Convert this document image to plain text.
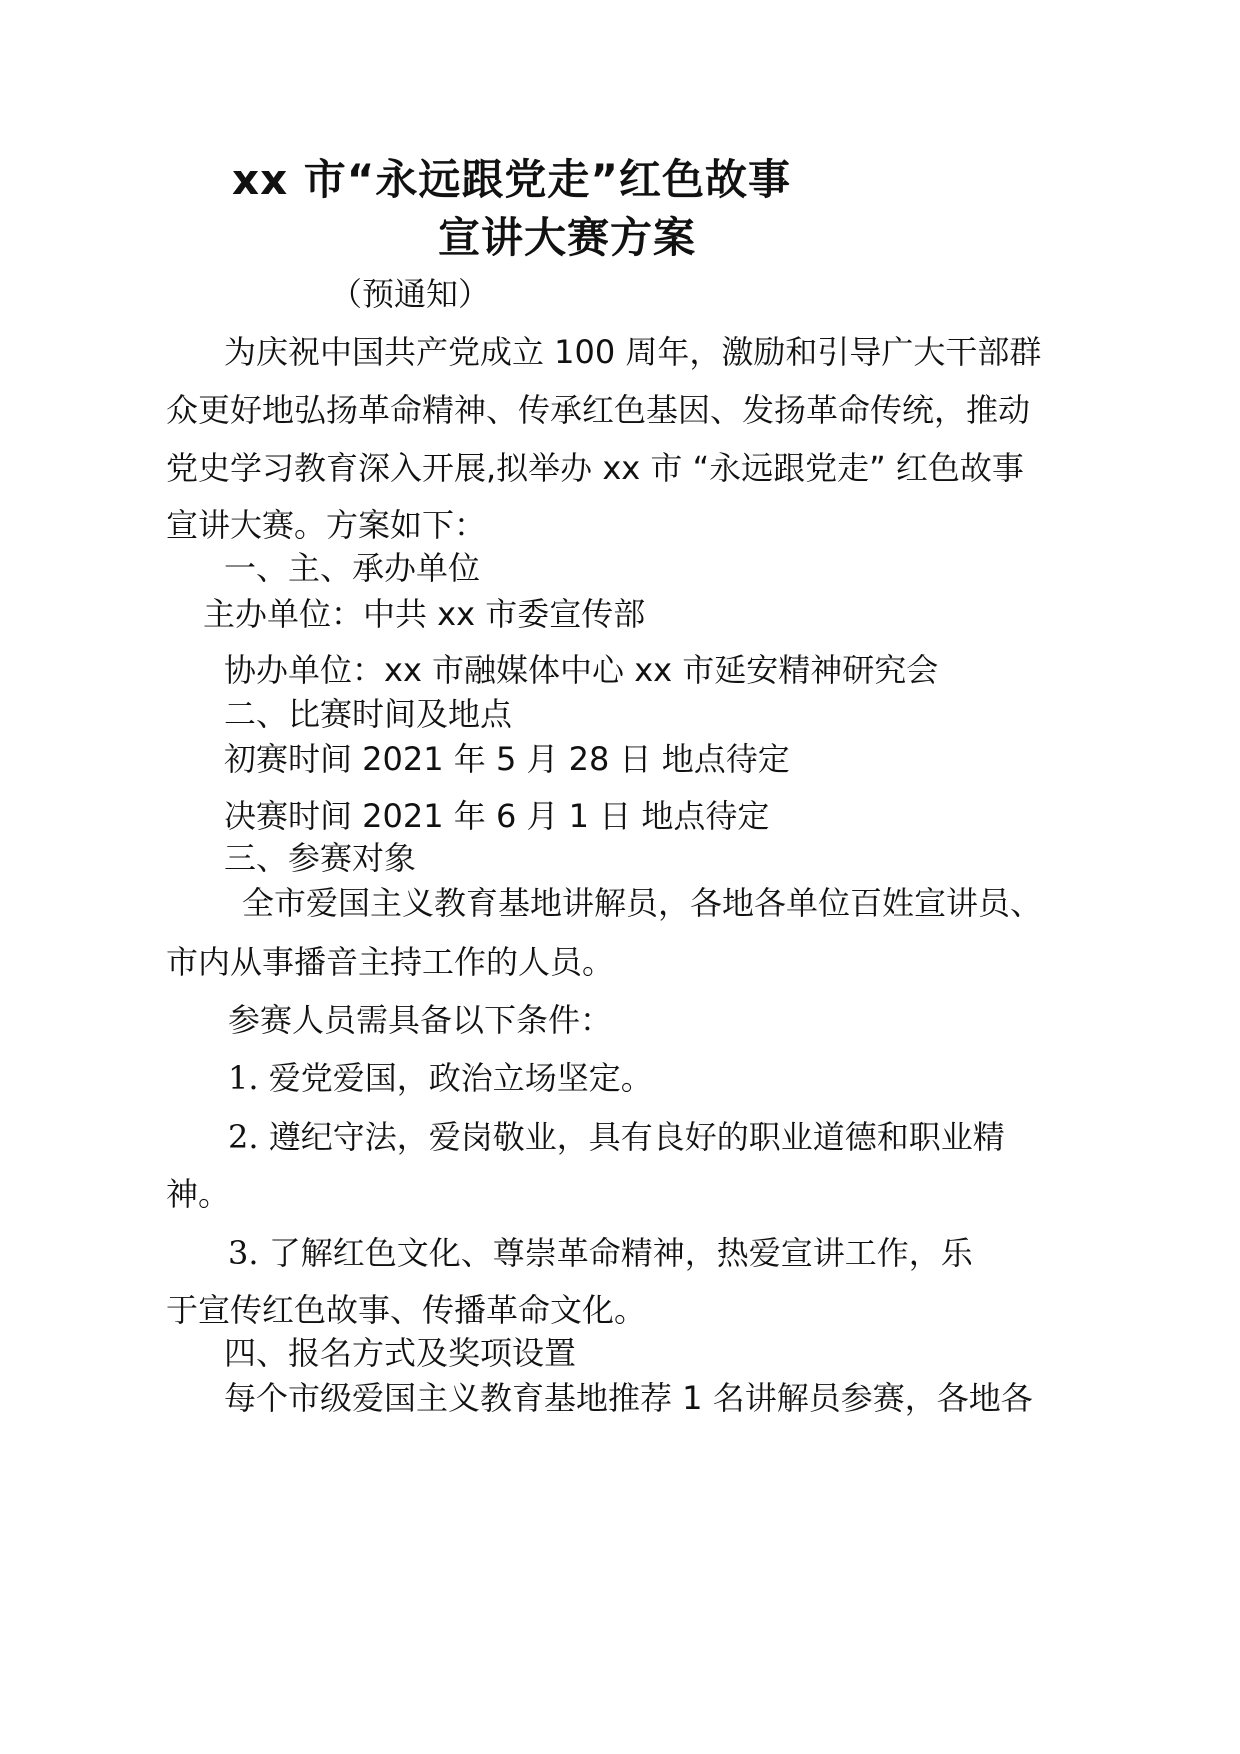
xx 市“永远跟党走”红色故事
宣讲大赛方案
（预通知）
为庆祝中国共产党成立 100 周年，激励和引导广大干部群
众更好地弘扬革命精神、传承红色基因、发扬革命传统，推动
党史学习教育深入开展,拟举办 xx 市 “永远跟党走” 红色故事
宣讲大赛。方案如下：
一、主、承办单位
主办单位：中共 xx 市委宣传部
协办单位：xx 市融媒体中心 xx 市延安精神研究会
二、比赛时间及地点
初赛时间 2021 年 5 月 28 日 地点待定
决赛时间 2021 年 6 月 1 日 地点待定
三、参赛对象
全市爱国主义教育基地讲解员，各地各单位百姓宣讲员、
市内从事播音主持工作的人员。
参赛人员需具备以下条件：
1. 爱党爱国，政治立场坚定。
2. 遵纪守法，爱岗敬业，具有良好的职业道德和职业精
神。
3. 了解红色文化、尊崇革命精神，热爱宣讲工作，乐
于宣传红色故事、传播革命文化。
四、报名方式及奖项设置
每个市级爱国主义教育基地推荐 1 名讲解员参赛，各地各
